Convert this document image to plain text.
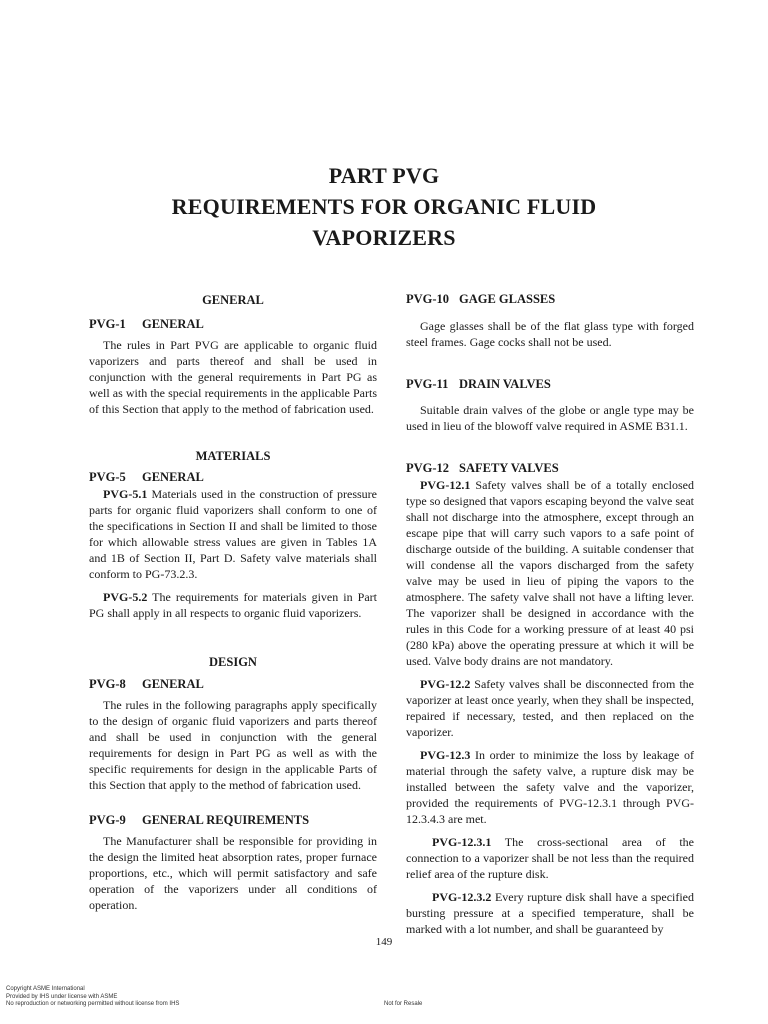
PART PVG
REQUIREMENTS FOR ORGANIC FLUID
VAPORIZERS
GENERAL
PVG-1 GENERAL

The rules in Part PVG are applicable to organic fluid vaporizers and parts thereof and shall be used in conjunction with the general requirements in Part PG as well as with the special requirements in the applicable Parts of this Section that apply to the method of fabrication used.

MATERIALS
PVG-5 GENERAL

PVG-5.1 Materials used in the construction of pressure parts for organic fluid vaporizers shall conform to one of the specifications in Section II and shall be limited to those for which allowable stress values are given in Tables 1A and 1B of Section II, Part D. Safety valve materials shall conform to PG-73.2.3.

PVG-5.2 The requirements for materials given in Part PG shall apply in all respects to organic fluid vaporizers.

DESIGN
PVG-8 GENERAL

The rules in the following paragraphs apply specifically to the design of organic fluid vaporizers and parts thereof and shall be used in conjunction with the general requirements for design in Part PG as well as with the specific requirements for design in the applicable Parts of this Section that apply to the method of fabrication used.

PVG-9 GENERAL REQUIREMENTS

The Manufacturer shall be responsible for providing in the design the limited heat absorption rates, proper furnace proportions, etc., which will permit satisfactory and safe operation of the vaporizers under all conditions of operation.

PVG-10 GAGE GLASSES

Gage glasses shall be of the flat glass type with forged steel frames. Gage cocks shall not be used.

PVG-11 DRAIN VALVES

Suitable drain valves of the globe or angle type may be used in lieu of the blowoff valve required in ASME B31.1.

PVG-12 SAFETY VALVES

PVG-12.1 Safety valves shall be of a totally enclosed type so designed that vapors escaping beyond the valve seat shall not discharge into the atmosphere, except through an escape pipe that will carry such vapors to a safe point of discharge outside of the building. A suitable condenser that will condense all the vapors discharged from the safety valve may be used in lieu of piping the vapors to the atmosphere. The safety valve shall not have a lifting lever. The vaporizer shall be designed in accordance with the rules in this Code for a working pressure of at least 40 psi (280 kPa) above the operating pressure at which it will be used. Valve body drains are not mandatory.

PVG-12.2 Safety valves shall be disconnected from the vaporizer at least once yearly, when they shall be inspected, repaired if necessary, tested, and then replaced on the vaporizer.

PVG-12.3 In order to minimize the loss by leakage of material through the safety valve, a rupture disk may be installed between the safety valve and the vaporizer, provided the requirements of PVG-12.3.1 through PVG-12.3.4.3 are met.

PVG-12.3.1 The cross-sectional area of the connection to a vaporizer shall be not less than the required relief area of the rupture disk.

PVG-12.3.2 Every rupture disk shall have a specified bursting pressure at a specified temperature, shall be marked with a lot number, and shall be guaranteed by

149
Copyright ASME International
Provided by IHS under license with ASME
No reproduction or networking permitted without license from IHS	Not for Resale
